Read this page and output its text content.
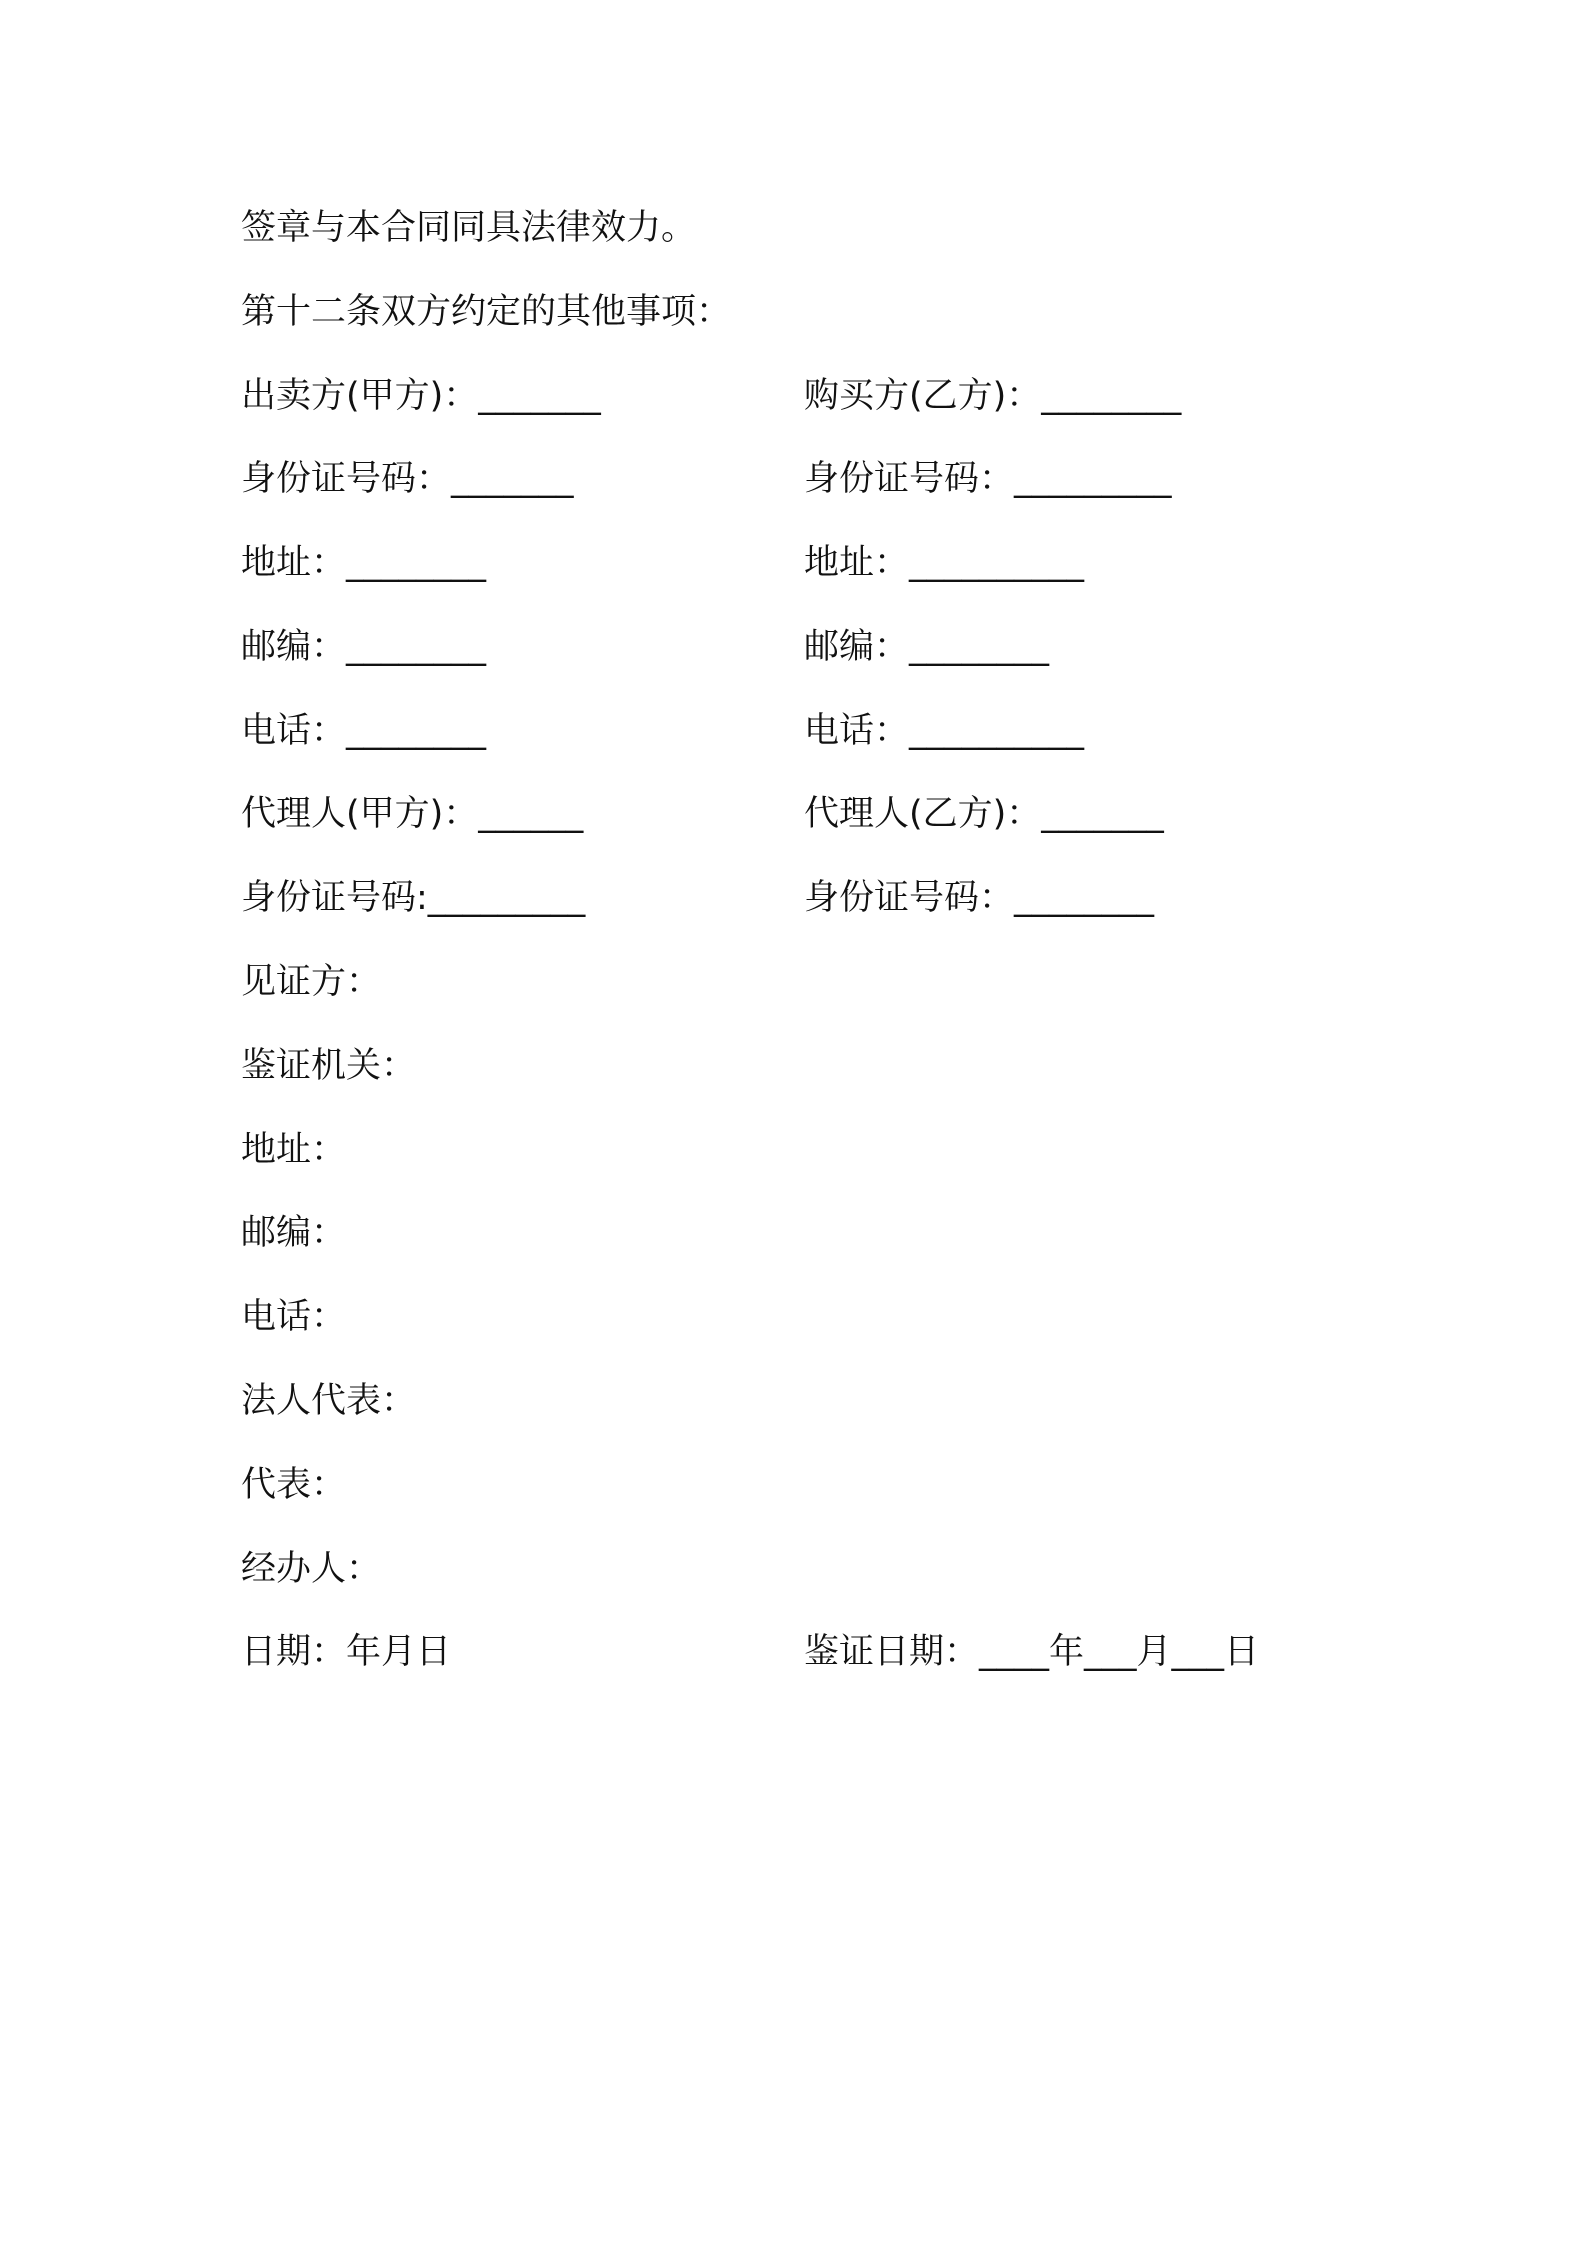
签章与本合同同具法律效力。
第十二条双方约定的其他事项：
出卖方(甲方)：_______	购买方(乙方)：________
身份证号码：_______	身份证号码：_________
地址：________	地址：__________
邮编：________	邮编：________
电话：________	电话：__________
代理人(甲方)：______	代理人(乙方)：_______
身份证号码:_________	身份证号码：________
见证方：
鉴证机关：
地址：
邮编：
电话：
法人代表：
代表：
经办人：
日期：年月日	鉴证日期：____年___月___日
